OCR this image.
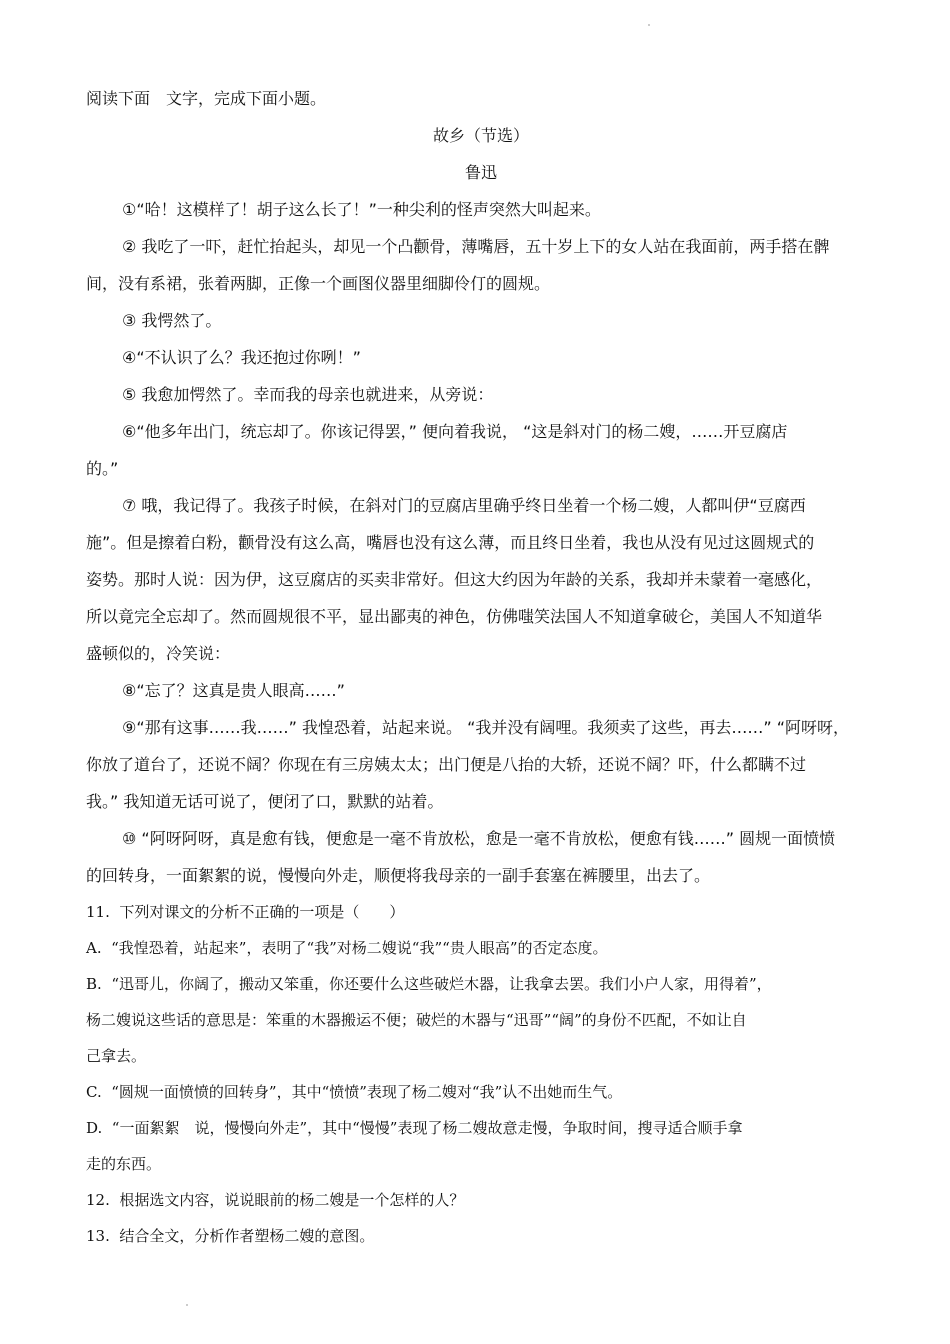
阅读下面　文字，完成下面小题。
故乡（节选）
鲁迅
①“哈！这模样了！胡子这么长了！”一种尖利的怪声突然大叫起来。
② 我吃了一吓，赶忙抬起头，却见一个凸颧骨，薄嘴唇，五十岁上下的女人站在我面前，两手搭在髀
间，没有系裙，张着两脚，正像一个画图仪器里细脚伶仃的圆规。
③ 我愕然了。
④“不认识了么？我还抱过你咧！”
⑤ 我愈加愕然了。幸而我的母亲也就进来，从旁说：
⑥“他多年出门，统忘却了。你该记得罢，” 便向着我说， “这是斜对门的杨二嫂，……开豆腐店
的。”
⑦ 哦，我记得了。我孩子时候，在斜对门的豆腐店里确乎终日坐着一个杨二嫂，人都叫伊“豆腐西
施”。但是擦着白粉，颧骨没有这么高，嘴唇也没有这么薄，而且终日坐着，我也从没有见过这圆规式的
姿势。那时人说：因为伊，这豆腐店的买卖非常好。但这大约因为年龄的关系，我却并未蒙着一毫感化，
所以竟完全忘却了。然而圆规很不平，显出鄙夷的神色，仿佛嗤笑法国人不知道拿破仑，美国人不知道华
盛顿似的，冷笑说：
⑧“忘了？这真是贵人眼高……”
⑨“那有这事……我……” 我惶恐着，站起来说。 “我并没有阔哩。我须卖了这些，再去……” “阿呀呀，
你放了道台了，还说不阔？你现在有三房姨太太；出门便是八抬的大轿，还说不阔？吓，什么都瞒不过
我。” 我知道无话可说了，便闭了口，默默的站着。
⑩ “阿呀阿呀，真是愈有钱，便愈是一毫不肯放松，愈是一毫不肯放松，便愈有钱……” 圆规一面愤愤
的回转身，一面絮絮的说，慢慢向外走，顺便将我母亲的一副手套塞在裤腰里，出去了。
11.  下列对课文的分析不正确的一项是（　　）
A.  “我惶恐着，站起来”，表明了“我”对杨二嫂说“我”“贵人眼高”的否定态度。
B.  “迅哥儿，你阔了，搬动又笨重，你还要什么这些破烂木器，让我拿去罢。我们小户人家，用得着”，
杨二嫂说这些话的意思是：笨重的木器搬运不便；破烂的木器与“迅哥”“阔”的身份不匹配，不如让自
己拿去。
C.  “圆规一面愤愤的回转身”，其中“愤愤”表现了杨二嫂对“我”认不出她而生气。
D.  “一面絮絮　说，慢慢向外走”，其中“慢慢”表现了杨二嫂故意走慢，争取时间，搜寻适合顺手拿
走的东西。
12.  根据选文内容，说说眼前的杨二嫂是一个怎样的人？
13.  结合全文，分析作者塑杨二嫂的意图。
